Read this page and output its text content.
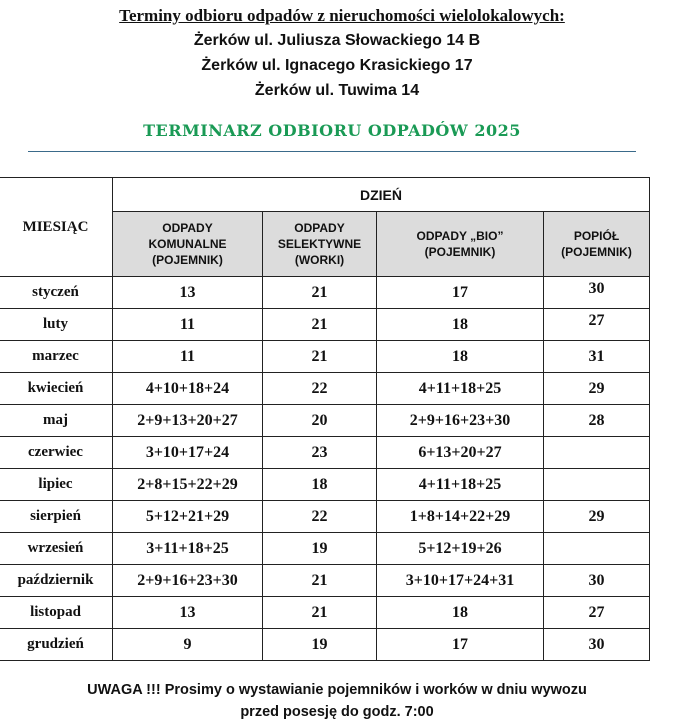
Terminy odbioru odpadów z nieruchomości wielolokalowych:
Żerków ul. Juliusza Słowackiego 14 B
Żerków ul. Ignacego Krasickiego 17
Żerków ul. Tuwima 14
TERMINARZ ODBIORU ODPADÓW 2025
MIESIĄC	DZIEŃ			
	ODPADY
KOMUNALNE
(POJEMNIK)	ODPADY
SELEKTYWNE
(WORKI)	ODPADY „BIO”
(POJEMNIK)	POPIÓŁ
(POJEMNIK)
styczeń	13	21	17	30
luty	11	21	18	27
marzec	11	21	18	31
kwiecień	4+10+18+24	22	4+11+18+25	29
maj	2+9+13+20+27	20	2+9+16+23+30	28
czerwiec	3+10+17+24	23	6+13+20+27	
lipiec	2+8+15+22+29	18	4+11+18+25	
sierpień	5+12+21+29	22	1+8+14+22+29	29
wrzesień	3+11+18+25	19	5+12+19+26	
październik	2+9+16+23+30	21	3+10+17+24+31	30
listopad	13	21	18	27
grudzień	9	19	17	30
UWAGA !!! Prosimy o wystawianie pojemników i worków w dniu wywozu
przed posesję do godz. 7:00
